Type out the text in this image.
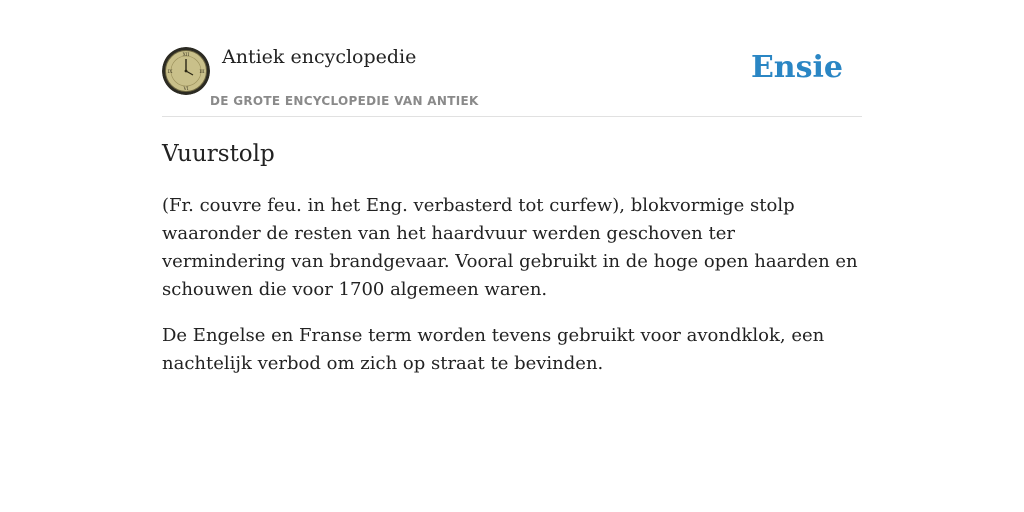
XII
III
VI
IX
Antiek encyclopedie
DE GROTE ENCYCLOPEDIE VAN ANTIEK
Ensie
Vuurstolp

(Fr. couvre feu. in het Eng. verbasterd tot curfew), blokvormige stolp waaronder de resten van het haardvuur werden geschoven ter vermindering van brandgevaar. Vooral gebruikt in de hoge open haarden en schouwen die voor 1700 algemeen waren.

De Engelse en Franse term worden tevens gebruikt voor avondklok, een nachtelijk verbod om zich op straat te bevinden.
